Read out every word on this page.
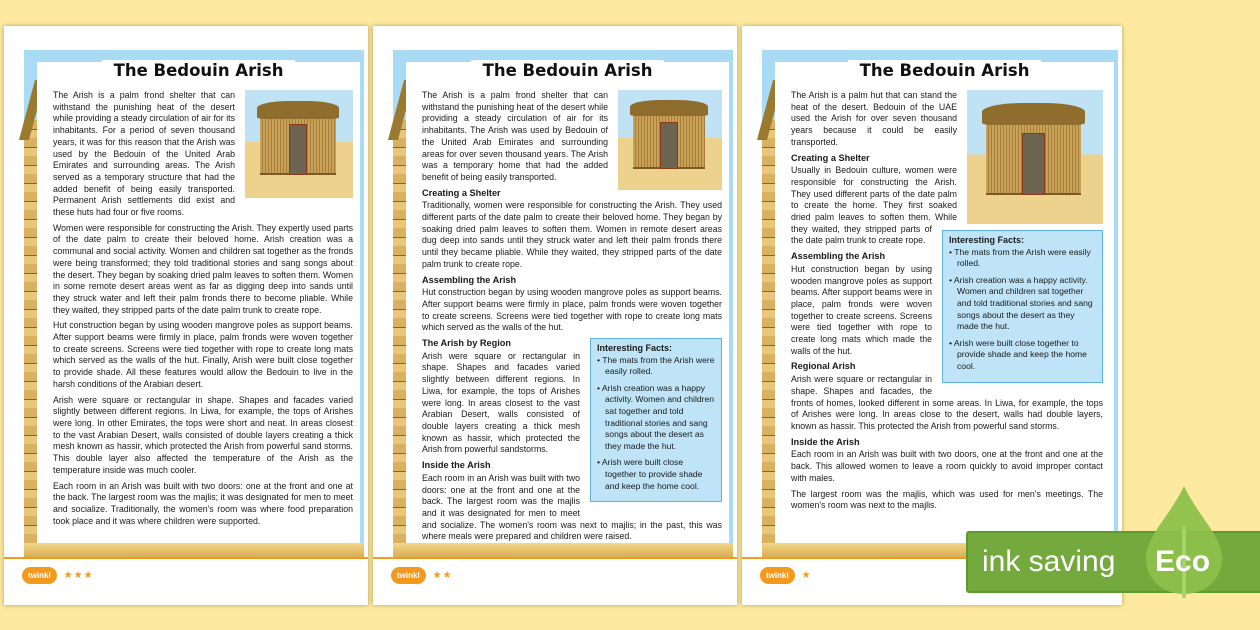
The Bedouin Arish

The Arish is a palm frond shelter that can withstand the punishing heat of the desert while providing a steady circulation of air for its inhabitants. For a period of seven thousand years, it was for this reason that the Arish was used by the Bedouin of the United Arab Emirates and surrounding areas. The Arish served as a temporary structure that had the added benefit of being easily transported. Permanent Arish settlements did exist and these huts had four or five rooms.

Women were responsible for constructing the Arish. They expertly used parts of the date palm to create their beloved home. Arish creation was a communal and social activity. Women and children sat together as the fronds were being transformed; they told traditional stories and sang songs about the desert. They began by soaking dried palm leaves to soften them. Women in some remote desert areas went as far as digging deep into sands until they struck water and left their palm fronds there to become pliable. While they waited, they stripped parts of the date palm trunk to create rope.

Hut construction began by using wooden mangrove poles as support beams. After support beams were firmly in place, palm fronds were woven together to create screens. Screens were tied together with rope to create long mats which served as the walls of the hut. Finally, Arish were built close together to provide shade. All these features would allow the Bedouin to live in the harsh conditions of the Arabian desert.

Arish were square or rectangular in shape. Shapes and facades varied slightly between different regions. In Liwa, for example, the tops of Arishes were long. In other Emirates, the tops were short and neat. In areas closest to the vast Arabian Desert, walls consisted of double layers creating a thick mesh known as hassir, which protected the Arish from powerful sand storms. This double layer also affected the temperature of the Arish as the temperature inside was much cooler.

Each room in an Arish was built with two doors: one at the front and one at the back. The largest room was the majlis; it was designated for men to meet and socialize. Traditionally, the women's room was where food preparation took place and it was where children were supported.

twinkl	★★★
The Bedouin Arish

The Arish is a palm frond shelter that can withstand the punishing heat of the desert while providing a steady circulation of air for its inhabitants. The Arish was used by Bedouin of the United Arab Emirates and surrounding areas for over seven thousand years. The Arish was a temporary home that had the added benefit of being easily transported.

Creating a Shelter

Traditionally, women were responsible for constructing the Arish. They used different parts of the date palm to create their beloved home. They began by soaking dried palm leaves to soften them. Women in remote desert areas dug deep into sands until they struck water and left their palm fronds there until they became pliable. While they waited, they stripped parts of the date palm trunk to create rope.

Assembling the Arish

Hut construction began by using wooden mangrove poles as support beams. After support beams were firmly in place, palm fronds were woven together to create screens. Screens were tied together with rope to create long mats which served as the walls of the hut.

Interesting Facts:
• The mats from the Arish were easily rolled.
• Arish creation was a happy activity. Women and children sat together and told traditional stories and sang songs about the desert as they made the hut.
• Arish were built close together to provide shade and keep the home cool.
The Arish by Region

Arish were square or rectangular in shape. Shapes and facades varied slightly between different regions. In Liwa, for example, the tops of Arishes were long. In areas closest to the vast Arabian Desert, walls consisted of double layers creating a thick mesh known as hassir, which protected the Arish from powerful sandstorms.

Inside the Arish

Each room in an Arish was built with two doors: one at the front and one at the back. The largest room was the majlis and it was designated for men to meet and socialize. The women's room was next to majlis; in the past, this was where meals were prepared and children were raised.

twinkl	★★
The Bedouin Arish
Interesting Facts:
• The mats from the Arish were easily rolled.
• Arish creation was a happy activity. Women and children sat together and told traditional stories and sang songs about the desert as they made the hut.
• Arish were built close together to provide shade and keep the home cool.

The Arish is a palm hut that can stand the heat of the desert. Bedouin of the UAE used the Arish for over seven thousand years because it could be easily transported.

Creating a Shelter

Usually in Bedouin culture, women were responsible for constructing the Arish. They used different parts of the date palm to create the home. They first soaked dried palm leaves to soften them. While they waited, they stripped parts of the date palm trunk to create rope.

Assembling the Arish

Hut construction began by using wooden mangrove poles as support beams. After support beams were in place, palm fronds were woven together to create screens. Screens were tied together with rope to create long mats which made the walls of the hut.

Regional Arish

Arish were square or rectangular in shape. Shapes and facades, the fronts of homes, looked different in some areas. In Liwa, for example, the tops of Arishes were long. In areas close to the desert, walls had double layers, known as hassir. This protected the Arish from powerful sand storms.

Inside the Arish

Each room in an Arish was built with two doors, one at the front and one at the back. This allowed women to leave a room quickly to avoid improper contact with males.

The largest room was the majlis, which was used for men's meetings. The women's room was next to the majlis.

twinkl	★	ink saving Eco
